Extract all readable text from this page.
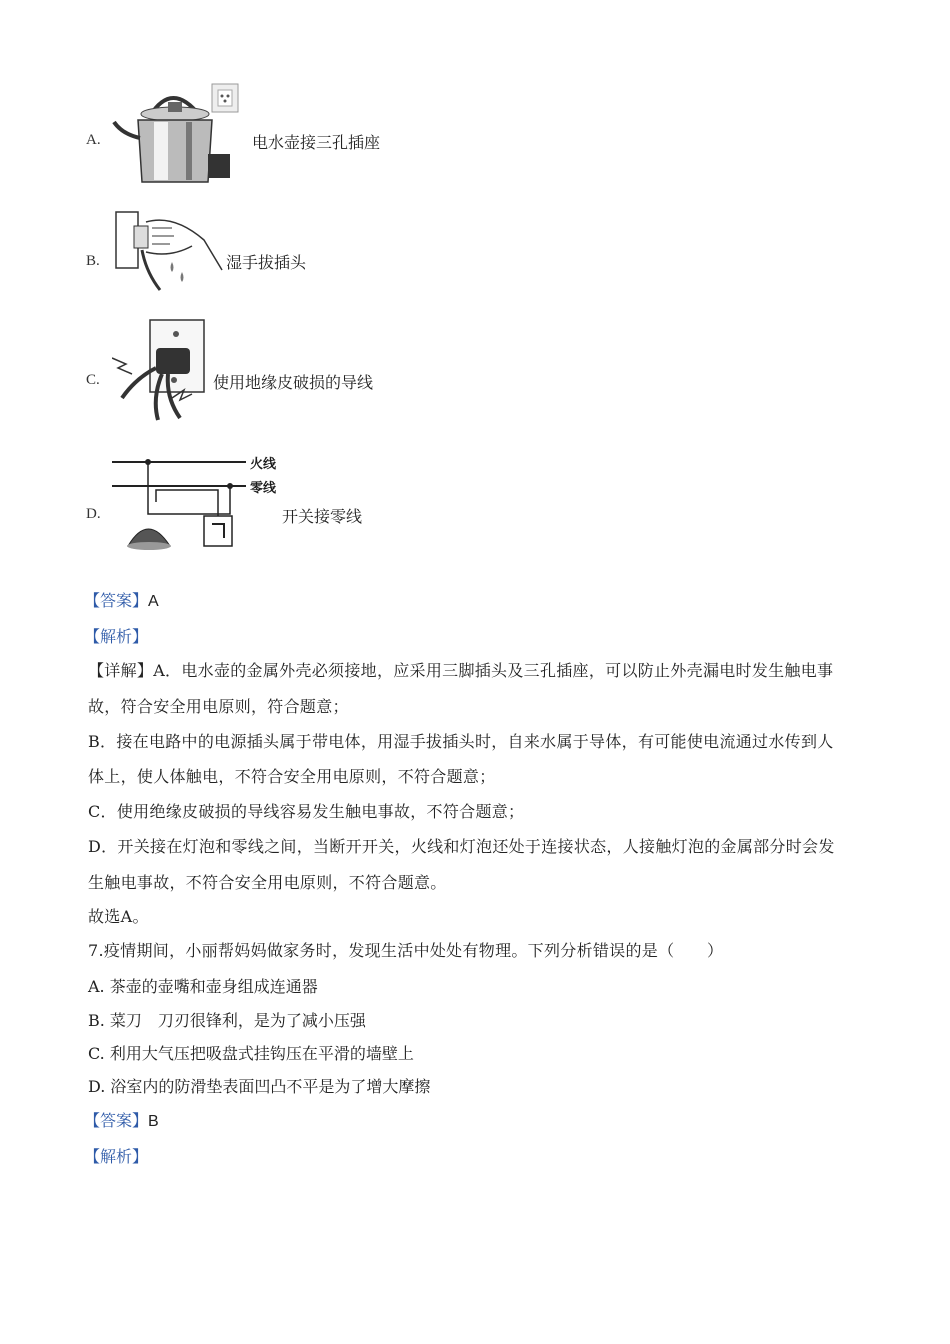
A.	电水壶接三孔插座
B.	湿手拔插头
C.	使用地缘皮破损的导线
D.
火线
零线
开关接零线
【答案】A
【解析】
【详解】A．电水壶的金属外壳必须接地，应采用三脚插头及三孔插座，可以防止外壳漏电时发生触电事
故，符合安全用电原则，符合题意；
B．接在电路中的电源插头属于带电体，用湿手拔插头时，自来水属于导体，有可能使电流通过水传到人
体上，使人体触电，不符合安全用电原则，不符合题意；
C．使用绝缘皮破损的导线容易发生触电事故，不符合题意；
D．开关接在灯泡和零线之间，当断开开关，火线和灯泡还处于连接状态，人接触灯泡的金属部分时会发
生触电事故，不符合安全用电原则，不符合题意。
故选A。
7.疫情期间，小丽帮妈妈做家务时，发现生活中处处有物理。下列分析错误的是（　　）
A. 茶壶的壶嘴和壶身组成连通器
B. 菜刀　刀刃很锋利，是为了减小压强
C. 利用大气压把吸盘式挂钩压在平滑的墙壁上
D. 浴室内的防滑垫表面凹凸不平是为了增大摩擦
【答案】B
【解析】
